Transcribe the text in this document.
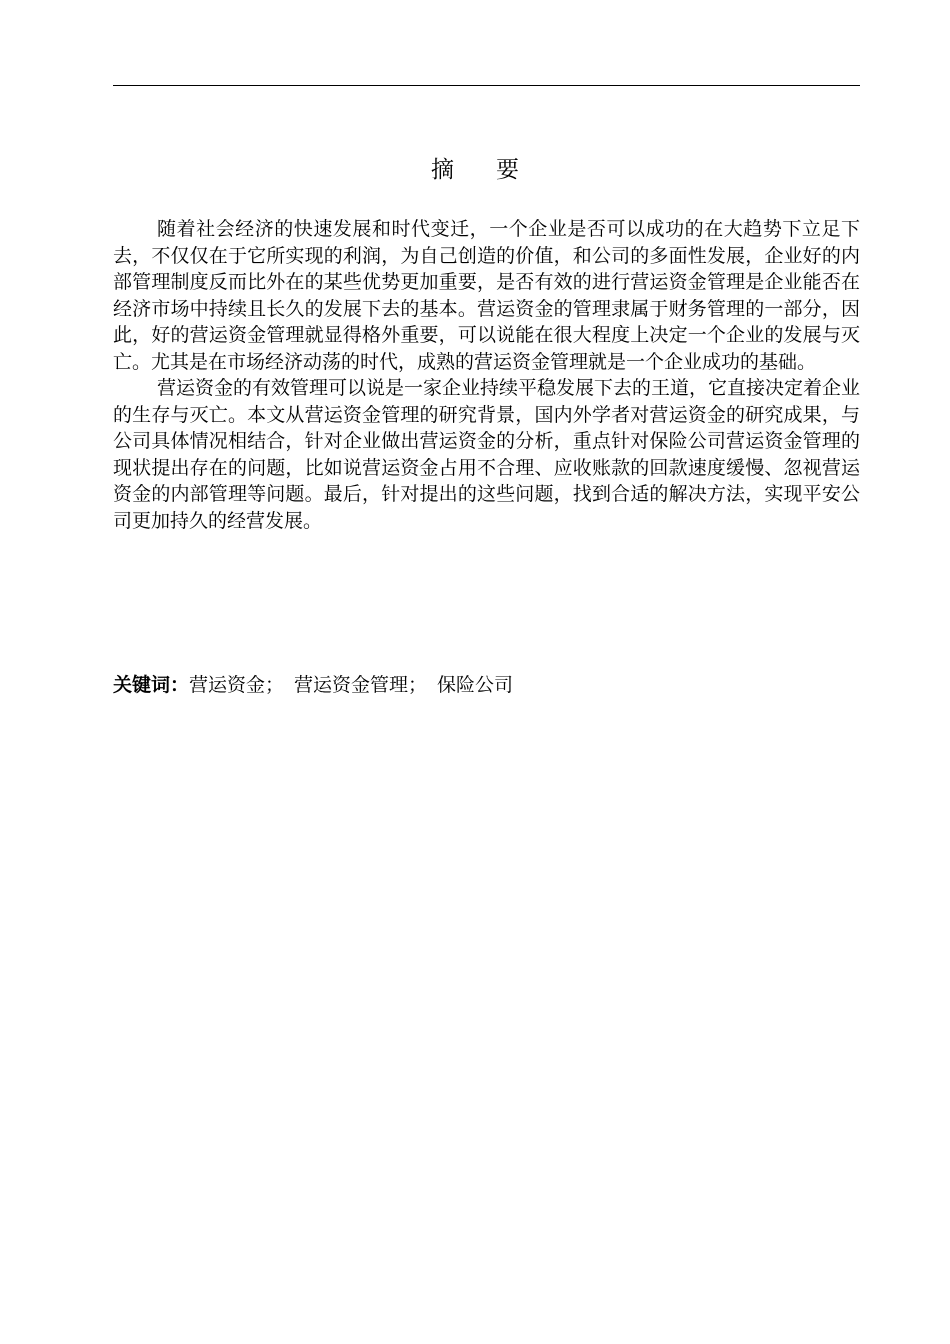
摘要

随着社会经济的快速发展和时代变迁，一个企业是否可以成功的在大趋势下立足下去，不仅仅在于它所实现的利润，为自己创造的价值，和公司的多面性发展，企业好的内部管理制度反而比外在的某些优势更加重要，是否有效的进行营运资金管理是企业能否在经济市场中持续且长久的发展下去的基本。营运资金的管理隶属于财务管理的一部分，因此，好的营运资金管理就显得格外重要，可以说能在很大程度上决定一个企业的发展与灭亡。尤其是在市场经济动荡的时代，成熟的营运资金管理就是一个企业成功的基础。

营运资金的有效管理可以说是一家企业持续平稳发展下去的王道，它直接决定着企业的生存与灭亡。本文从营运资金管理的研究背景，国内外学者对营运资金的研究成果，与公司具体情况相结合，针对企业做出营运资金的分析，重点针对保险公司营运资金管理的现状提出存在的问题，比如说营运资金占用不合理、应收账款的回款速度缓慢、忽视营运资金的内部管理等问题。最后，针对提出的这些问题，找到合适的解决方法，实现平安公司更加持久的经营发展。

关键词：营运资金； 营运资金管理； 保险公司
